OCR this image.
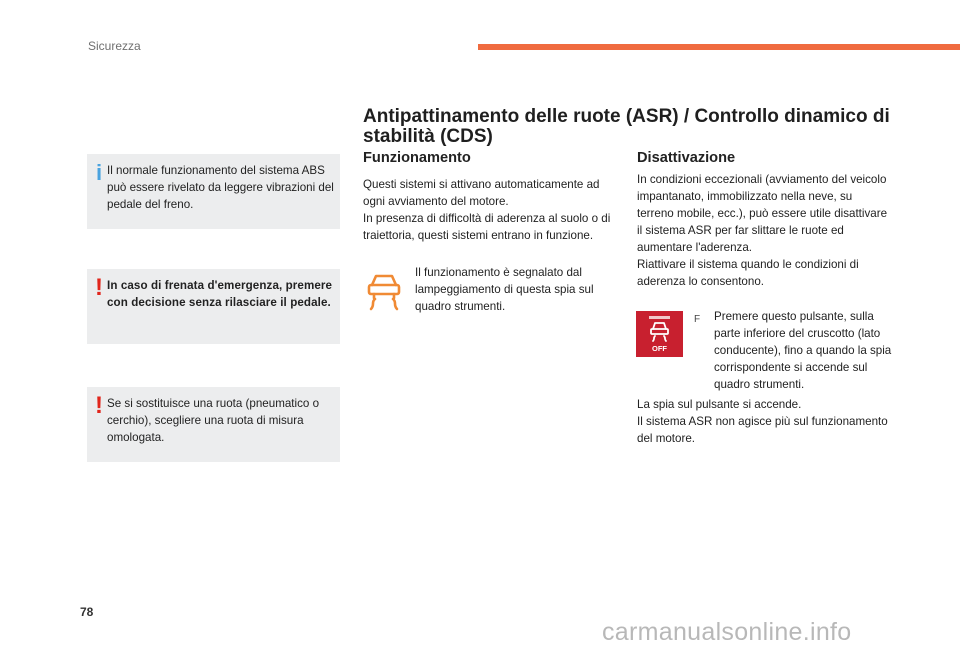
Sicurezza
i Il normale funzionamento del sistema ABS può essere rivelato da leggere vibrazioni del pedale del freno.
! In caso di frenata d'emergenza, premere con decisione senza rilasciare il pedale.
! Se si sostituisce una ruota (pneumatico o cerchio), scegliere una ruota di misura omologata.
Antipattinamento delle ruote (ASR) / Controllo dinamico di stabilità (CDS)
Funzionamento

Questi sistemi si attivano automaticamente ad ogni avviamento del motore.

In presenza di difficoltà di aderenza al suolo o di traiettoria, questi sistemi entrano in funzione.

Il funzionamento è segnalato dal lampeggiamento di questa spia sul quadro strumenti.
Disattivazione

In condizioni eccezionali (avviamento del veicolo impantanato, immobilizzato nella neve, su terreno mobile, ecc.), può essere utile disattivare il sistema ASR per far slittare le ruote ed aumentare l'aderenza.

Riattivare il sistema quando le condizioni di aderenza lo consentono.

OFF
F Premere questo pulsante, sulla parte inferiore del cruscotto (lato conducente), fino a quando la spia corrispondente si accende sul quadro strumenti.

La spia sul pulsante si accende.

Il sistema ASR non agisce più sul funzionamento del motore.

78
carmanualsonline.info
